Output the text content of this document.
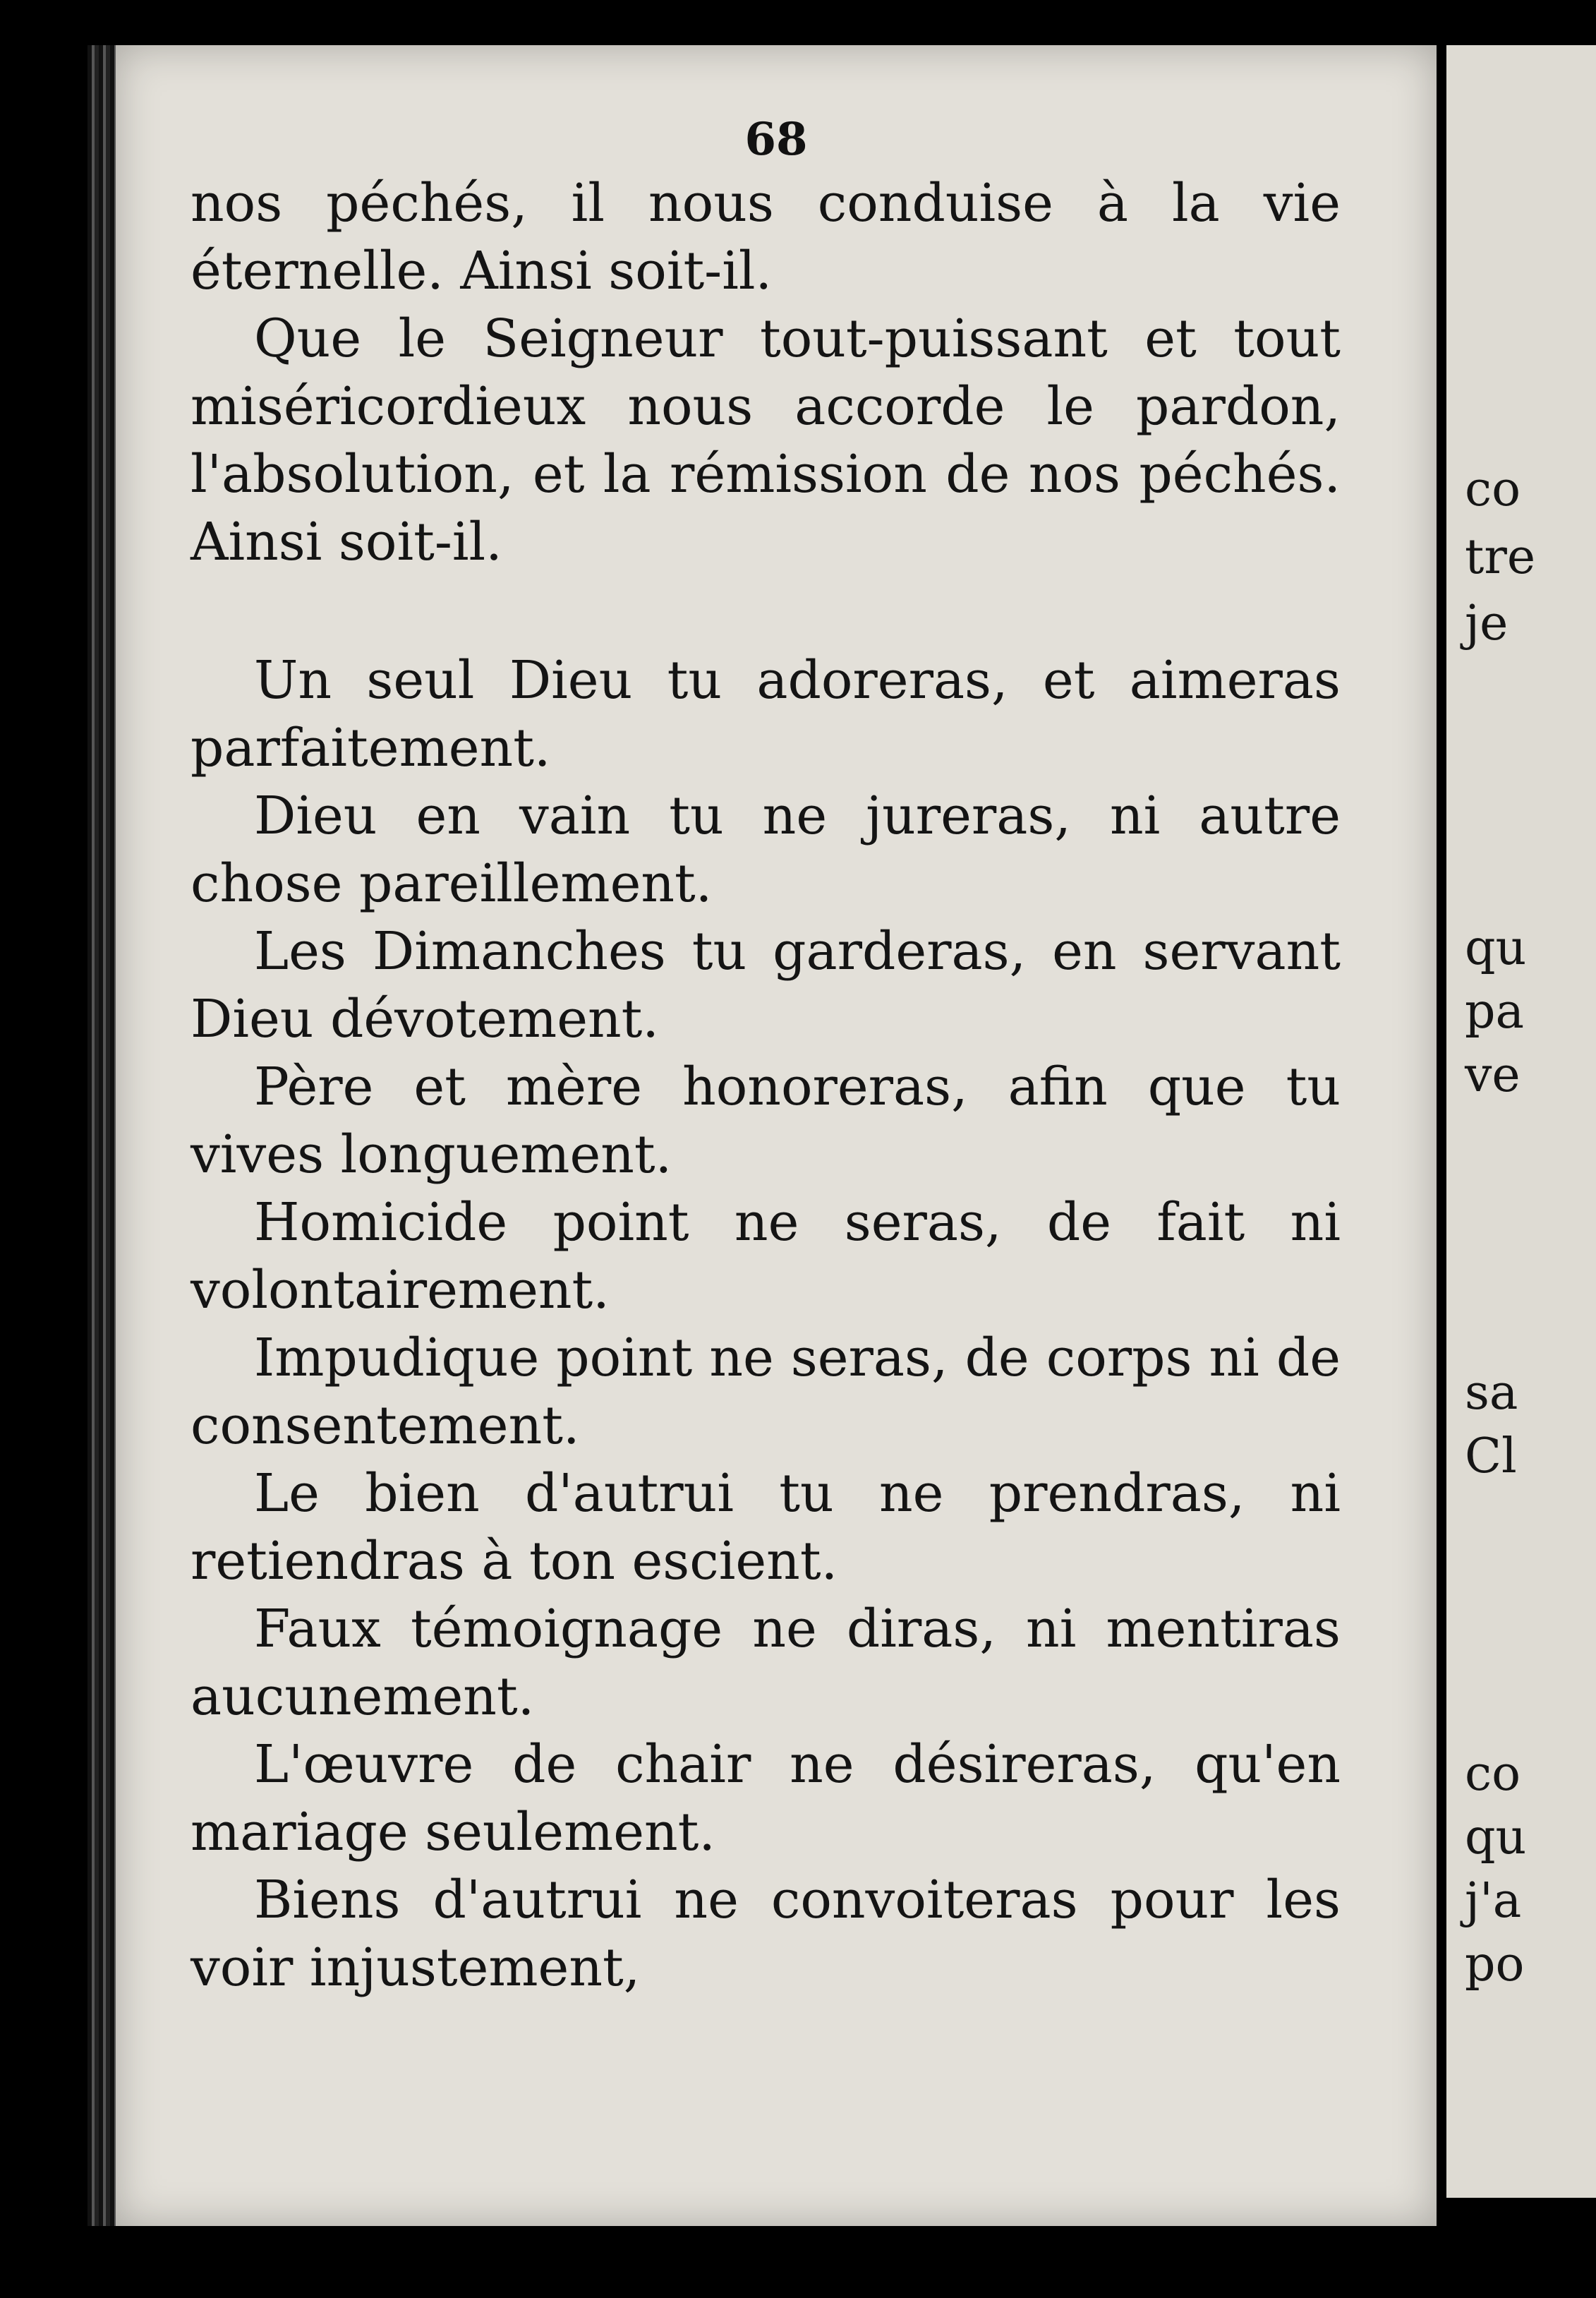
68

nos péchés, il nous conduise à la vie éternelle. Ainsi soit-il.

Que le Seigneur tout-puissant et tout miséricordieux nous accorde le pardon, l'absolution, et la rémission de nos péchés. Ainsi soit-il.

Un seul Dieu tu adoreras, et aimeras parfaitement.

Dieu en vain tu ne jureras, ni autre chose pareillement.

Les Dimanches tu garderas, en servant Dieu dévotement.

Père et mère honoreras, afin que tu vives longuement.

Homicide point ne seras, de fait ni volontairement.

Impudique point ne seras, de corps ni de consentement.

Le bien d'autrui tu ne prendras, ni retiendras à ton escient.

Faux témoignage ne diras, ni mentiras aucunement.

L'œuvre de chair ne désireras, qu'en mariage seulement.

Biens d'autrui ne convoiteras pour les voir injustement,

co
tre
je
qu
pa
ve
sa
Cl
co
qu
j'a
po
